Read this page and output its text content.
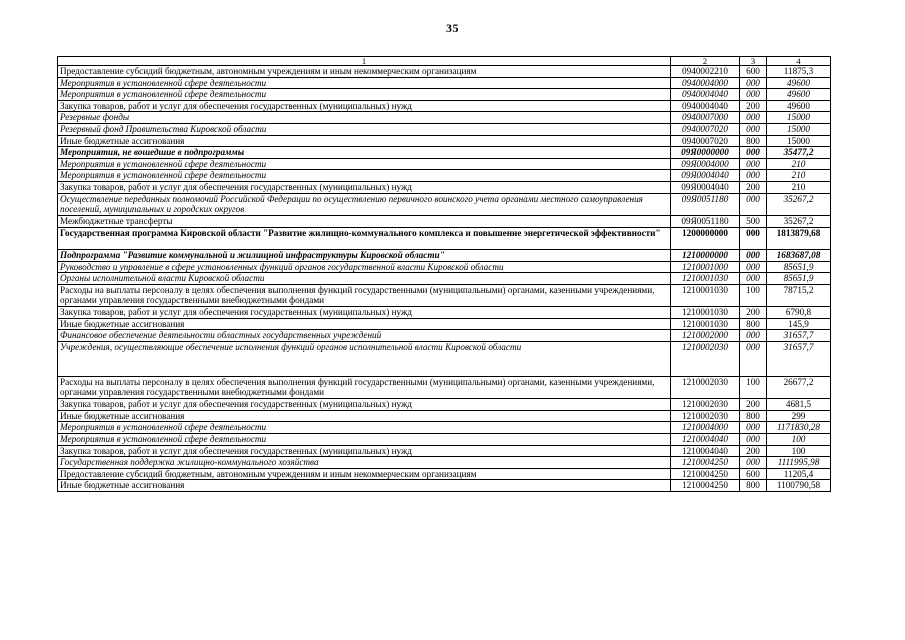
35
1	2	3	4
Предоставление субсидий бюджетным, автономным учреждениям и иным некоммерческим организациям	0940002210	600	11875,3
Мероприятия в установленной сфере деятельности	0940004000	000	49600
Мероприятия в установленной сфере деятельности	0940004040	000	49600
Закупка товаров, работ и услуг для обеспечения государственных (муниципальных) нужд	0940004040	200	49600
Резервные фонды	0940007000	000	15000
Резервный фонд Правительства Кировской области	0940007020	000	15000
Иные бюджетные ассигнования	0940007020	800	15000
Мероприятия, не вошедшие в подпрограммы	09Я0000000	000	35477,2
Мероприятия в установленной сфере деятельности	09Я0004000	000	210
Мероприятия в установленной сфере деятельности	09Я0004040	000	210
Закупка товаров, работ и услуг для обеспечения государственных (муниципальных) нужд	09Я0004040	200	210
Осуществление переданных полномочий Российской Федерации по осуществлению первичного воинского учета органами местного самоуправления поселений, муниципальных и городских округов	09Я0051180	000	35267,2
Межбюджетные трансферты	09Я0051180	500	35267,2
Государственная программа Кировской области "Развитие жилищно-коммунального комплекса и повышение энергетической эффективности"	1200000000	000	1813879,68
Подпрограмма "Развитие коммунальной и жилищной инфраструктуры Кировской области"	1210000000	000	1683687,08
Руководство и управление в сфере установленных функций органов государственной власти Кировской области	1210001000	000	85651,9
Органы исполнительной власти Кировской области	1210001030	000	85651,9
Расходы на выплаты персоналу в целях обеспечения выполнения функций государственными (муниципальными) органами, казенными учреждениями, органами управления государственными внебюджетными фондами	1210001030	100	78715,2
Закупка товаров, работ и услуг для обеспечения государственных (муниципальных) нужд	1210001030	200	6790,8
Иные бюджетные ассигнования	1210001030	800	145,9
Финансовое обеспечение деятельности областных государственных учреждений	1210002000	000	31657,7
Учреждения, осуществляющие обеспечение исполнения функций органов исполнительной власти Кировской области	1210002030	000	31657,7
Расходы на выплаты персоналу в целях обеспечения выполнения функций государственными (муниципальными) органами, казенными учреждениями, органами управления государственными внебюджетными фондами	1210002030	100	26677,2
Закупка товаров, работ и услуг для обеспечения государственных (муниципальных) нужд	1210002030	200	4681,5
Иные бюджетные ассигнования	1210002030	800	299
Мероприятия в установленной сфере деятельности	1210004000	000	1171830,28
Мероприятия в установленной сфере деятельности	1210004040	000	100
Закупка товаров, работ и услуг для обеспечения государственных (муниципальных) нужд	1210004040	200	100
Государственная поддержка жилищно-коммунального хозяйства	1210004250	000	1111995,98
Предоставление субсидий бюджетным, автономным учреждениям и иным некоммерческим организациям	1210004250	600	11205,4
Иные бюджетные ассигнования	1210004250	800	1100790,58
